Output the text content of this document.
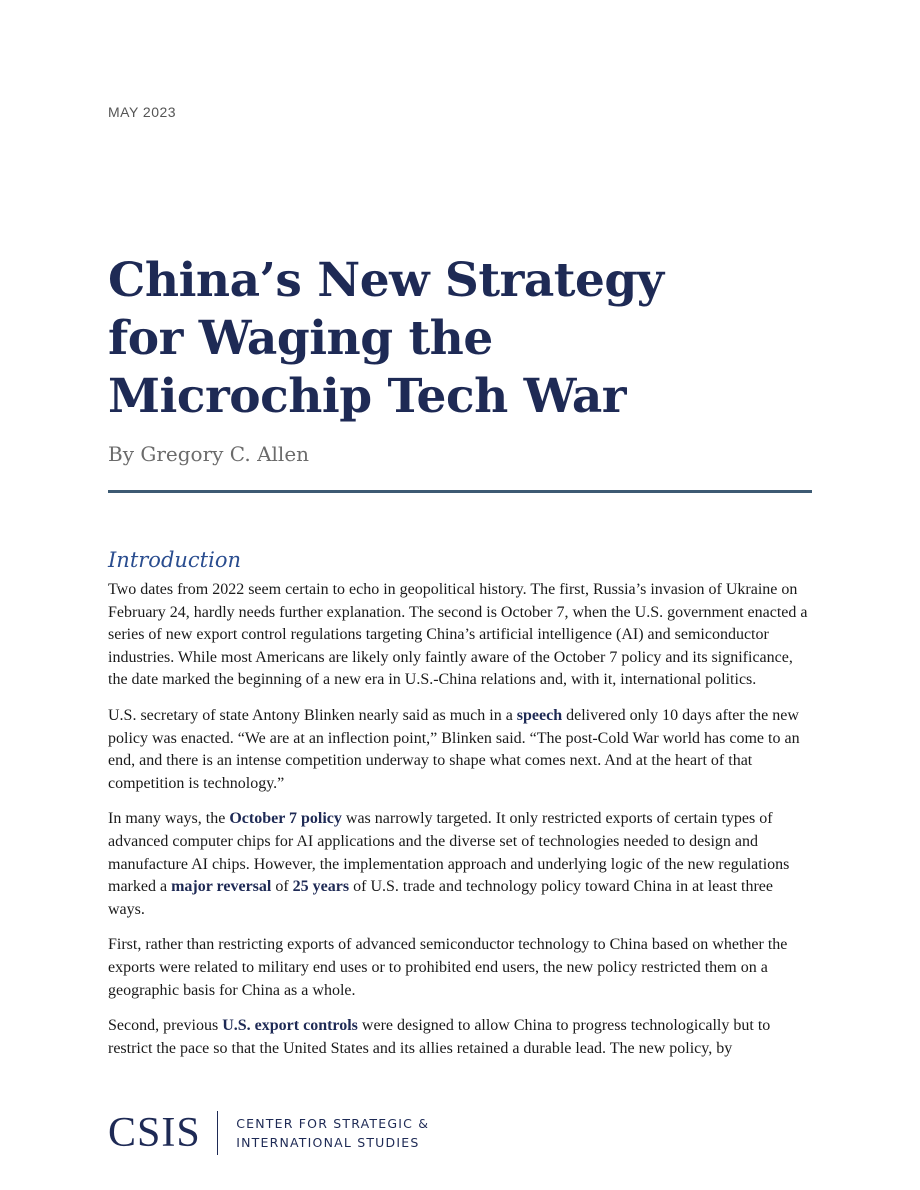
MAY 2023

China’s New Strategy for Waging the Microchip Tech War

By Gregory C. Allen

Introduction

Two dates from 2022 seem certain to echo in geopolitical history. The first, Russia’s invasion of Ukraine on February 24, hardly needs further explanation. The second is October 7, when the U.S. government enacted a series of new export control regulations targeting China’s artificial intelligence (AI) and semiconductor industries. While most Americans are likely only faintly aware of the October 7 policy and its significance, the date marked the beginning of a new era in U.S.-China relations and, with it, international politics.

U.S. secretary of state Antony Blinken nearly said as much in a speech delivered only 10 days after the new policy was enacted. “We are at an inflection point,” Blinken said. “The post-Cold War world has come to an end, and there is an intense competition underway to shape what comes next. And at the heart of that competition is technology.”

In many ways, the October 7 policy was narrowly targeted. It only restricted exports of certain types of advanced computer chips for AI applications and the diverse set of technologies needed to design and manufacture AI chips. However, the implementation approach and underlying logic of the new regulations marked a major reversal of 25 years of U.S. trade and technology policy toward China in at least three ways.

First, rather than restricting exports of advanced semiconductor technology to China based on whether the exports were related to military end uses or to prohibited end users, the new policy restricted them on a geographic basis for China as a whole.

Second, previous U.S. export controls were designed to allow China to progress technologically but to restrict the pace so that the United States and its allies retained a durable lead. The new policy, by

CSIS	CENTER FOR STRATEGIC &
INTERNATIONAL STUDIES
